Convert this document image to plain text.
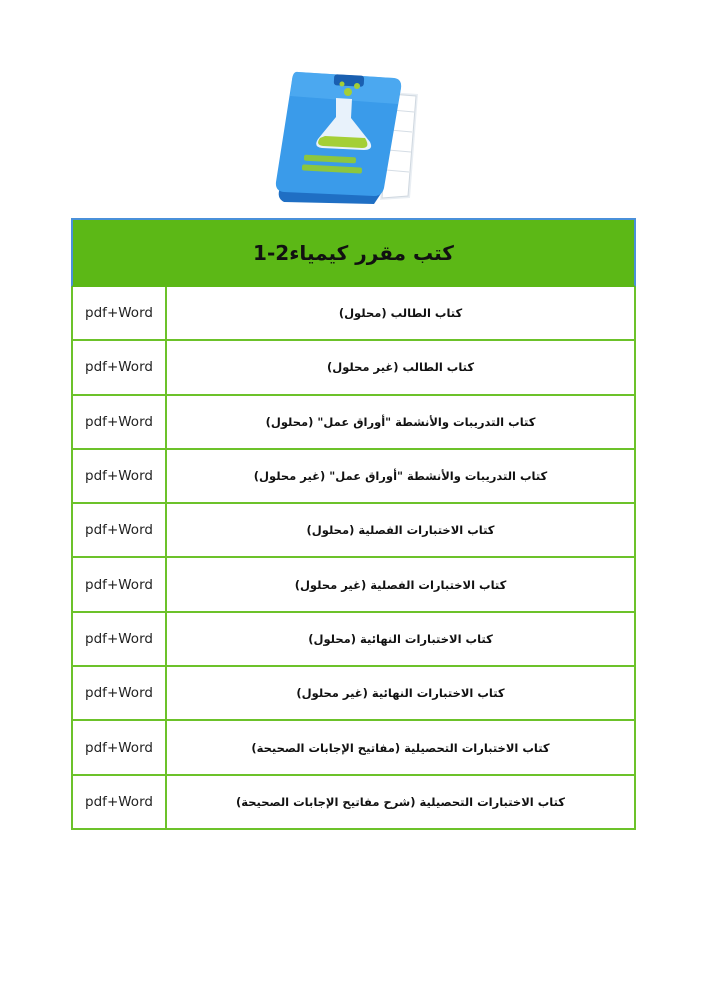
كتب مقرر كيمياء2-1
كتاب الطالب (محلول)
pdf+Word
كتاب الطالب (غير محلول)
pdf+Word
كتاب التدريبات والأنشطة "أوراق عمل" (محلول)
pdf+Word
كتاب التدريبات والأنشطة "أوراق عمل" (غير محلول)
pdf+Word
كتاب الاختبارات الفصلية (محلول)
pdf+Word
كتاب الاختبارات الفصلية (غير محلول)
pdf+Word
كتاب الاختبارات النهائية (محلول)
pdf+Word
كتاب الاختبارات النهائية (غير محلول)
pdf+Word
كتاب الاختبارات التحصيلية (مفاتيح الإجابات الصحيحة)
pdf+Word
كتاب الاختبارات التحصيلية (شرح مفاتيح الإجابات الصحيحة)
pdf+Word
